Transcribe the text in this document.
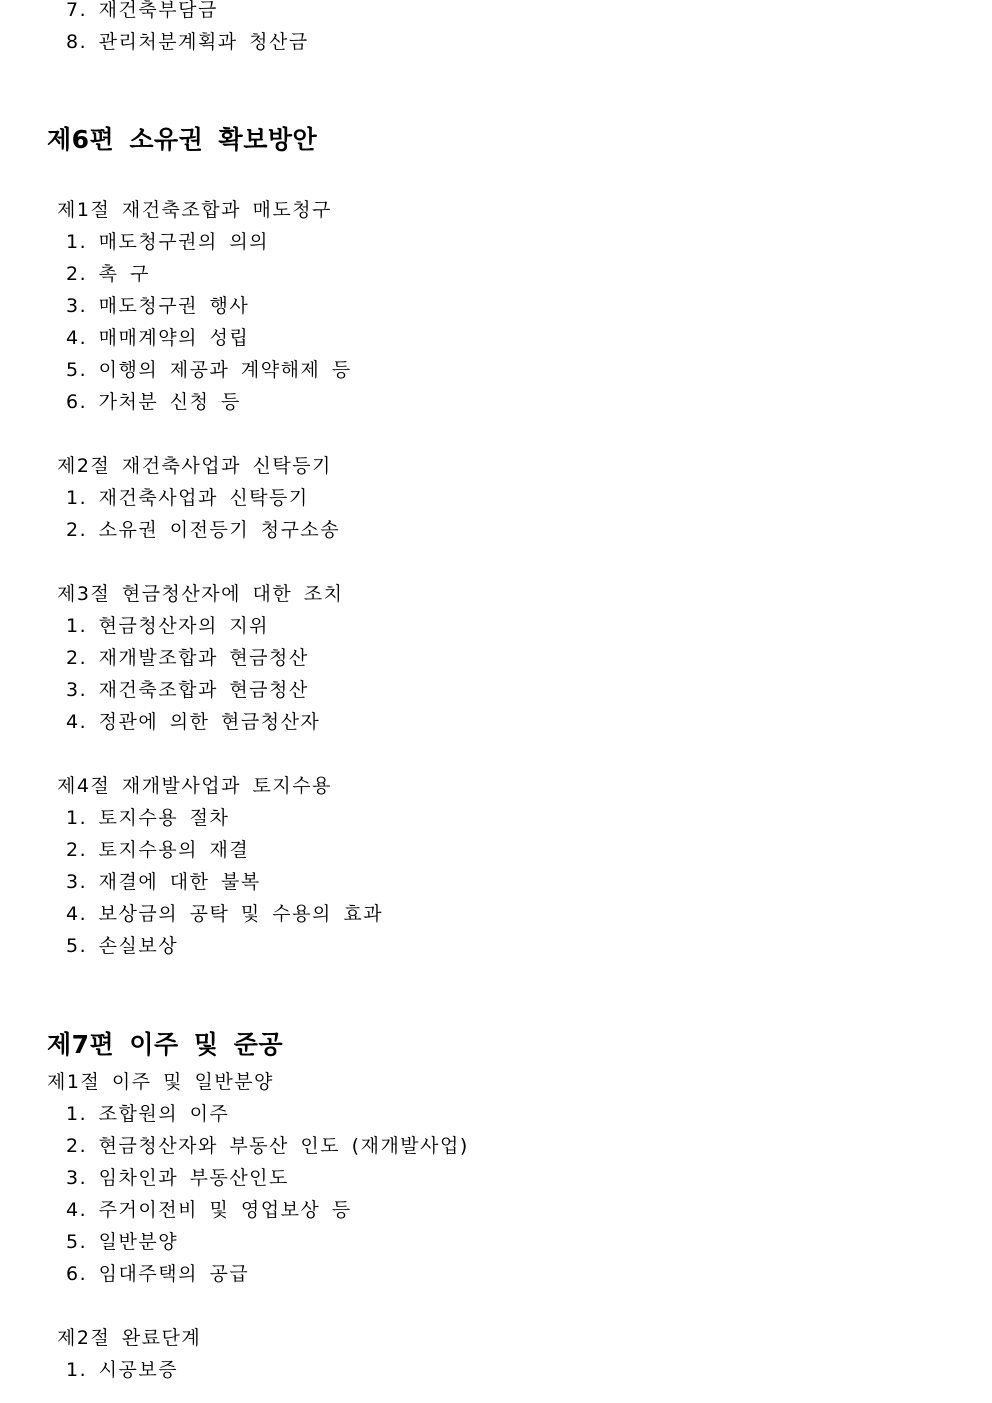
7. 재건축부담금
8. 관리처분계획과 청산금
제6편 소유권 확보방안
제1절 재건축조합과 매도청구
1. 매도청구권의 의의
2. 촉 구
3. 매도청구권 행사
4. 매매계약의 성립
5. 이행의 제공과 계약해제 등
6. 가처분 신청 등
제2절 재건축사업과 신탁등기
1. 재건축사업과 신탁등기
2. 소유권 이전등기 청구소송
제3절 현금청산자에 대한 조치
1. 현금청산자의 지위
2. 재개발조합과 현금청산
3. 재건축조합과 현금청산
4. 정관에 의한 현금청산자
제4절 재개발사업과 토지수용
1. 토지수용 절차
2. 토지수용의 재결
3. 재결에 대한 불복
4. 보상금의 공탁 및 수용의 효과
5. 손실보상
제7편 이주 및 준공
제1절 이주 및 일반분양
1. 조합원의 이주
2. 현금청산자와 부동산 인도 (재개발사업)
3. 임차인과 부동산인도
4. 주거이전비 및 영업보상 등
5. 일반분양
6. 임대주택의 공급
제2절 완료단계
1. 시공보증
